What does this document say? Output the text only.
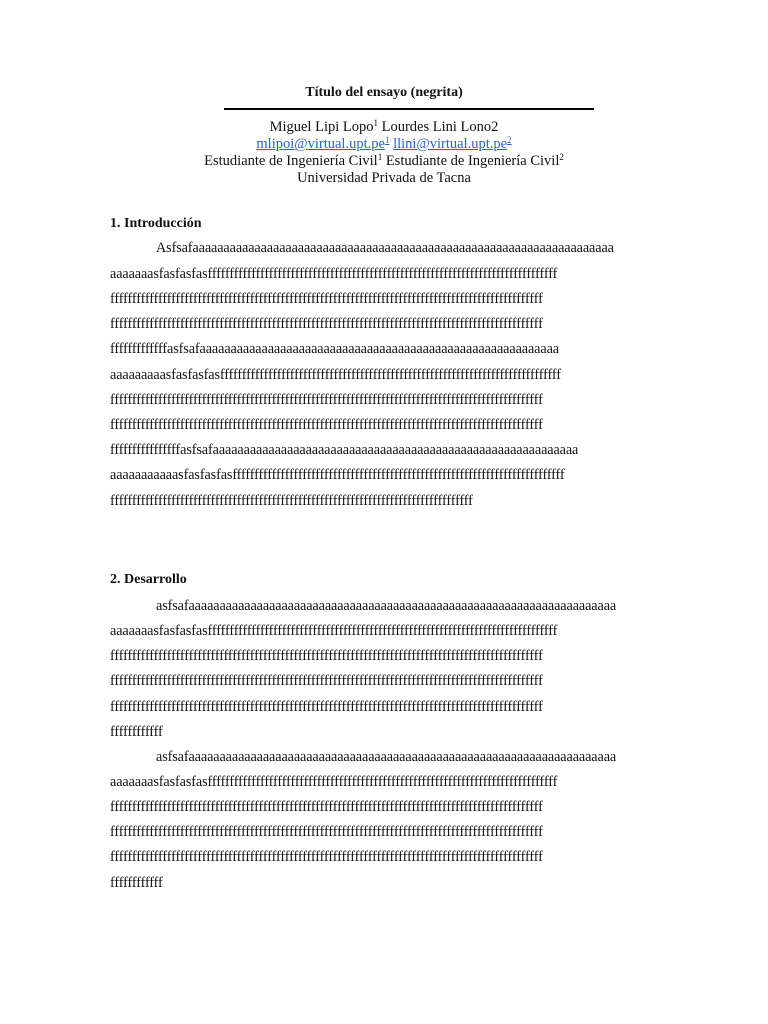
Título del ensayo (negrita)
Miguel Lipi Lopo$^1$ Lourdes Lini Lono2
$mlipoi@virtual.upt.pe^1$ $llini@virtual.upt.pe^2$
Estudiante de Ingeniería Civil$^1$ Estudiante de Ingeniería Civil$^2$
Universidad Privada de Tacna
1. Introducción
Asfsafaaaaaaaaaaaaaaaaaaaaaaaaaaaaaaaaaaaaaaaaaaaaaaaaaaaaaaaaaaaaaaaaaaaa
aaaaaaasfasfasfasffffffffffffffffffffffffffffffffffffffffffffffffffffffffffffffffffffffffffffffff
fffffffffffffffffffffffffffffffffffffffffffffffffffffffffffffffffffffffffffffffffffffffffffffffffff
fffffffffffffffffffffffffffffffffffffffffffffffffffffffffffffffffffffffffffffffffffffffffffffffffff
fffffffffffffasfsafaaaaaaaaaaaaaaaaaaaaaaaaaaaaaaaaaaaaaaaaaaaaaaaaaaaaaaaaaa
aaaaaaaaasfasfasfasffffffffffffffffffffffffffffffffffffffffffffffffffffffffffffffffffffffffffffff
fffffffffffffffffffffffffffffffffffffffffffffffffffffffffffffffffffffffffffffffffffffffffffffffffff
fffffffffffffffffffffffffffffffffffffffffffffffffffffffffffffffffffffffffffffffffffffffffffffffffff
ffffffffffffffffasfsafaaaaaaaaaaaaaaaaaaaaaaaaaaaaaaaaaaaaaaaaaaaaaaaaaaaaaaaaaaa
aaaaaaaaaaasfasfasfasffffffffffffffffffffffffffffffffffffffffffffffffffffffffffffffffffffffffffff
fffffffffffffffffffffffffffffffffffffffffffffffffffffffffffffffffffffffffffffffffff
2. Desarrollo
asfsafaaaaaaaaaaaaaaaaaaaaaaaaaaaaaaaaaaaaaaaaaaaaaaaaaaaaaaaaaaaaaaaaaaaaa
aaaaaaasfasfasfasffffffffffffffffffffffffffffffffffffffffffffffffffffffffffffffffffffffffffffffff
fffffffffffffffffffffffffffffffffffffffffffffffffffffffffffffffffffffffffffffffffffffffffffffffffff
fffffffffffffffffffffffffffffffffffffffffffffffffffffffffffffffffffffffffffffffffffffffffffffffffff
fffffffffffffffffffffffffffffffffffffffffffffffffffffffffffffffffffffffffffffffffffffffffffffffffff
ffffffffffff
asfsafaaaaaaaaaaaaaaaaaaaaaaaaaaaaaaaaaaaaaaaaaaaaaaaaaaaaaaaaaaaaaaaaaaaaa
aaaaaaasfasfasfasffffffffffffffffffffffffffffffffffffffffffffffffffffffffffffffffffffffffffffffff
fffffffffffffffffffffffffffffffffffffffffffffffffffffffffffffffffffffffffffffffffffffffffffffffffff
fffffffffffffffffffffffffffffffffffffffffffffffffffffffffffffffffffffffffffffffffffffffffffffffffff
fffffffffffffffffffffffffffffffffffffffffffffffffffffffffffffffffffffffffffffffffffffffffffffffffff
ffffffffffff
